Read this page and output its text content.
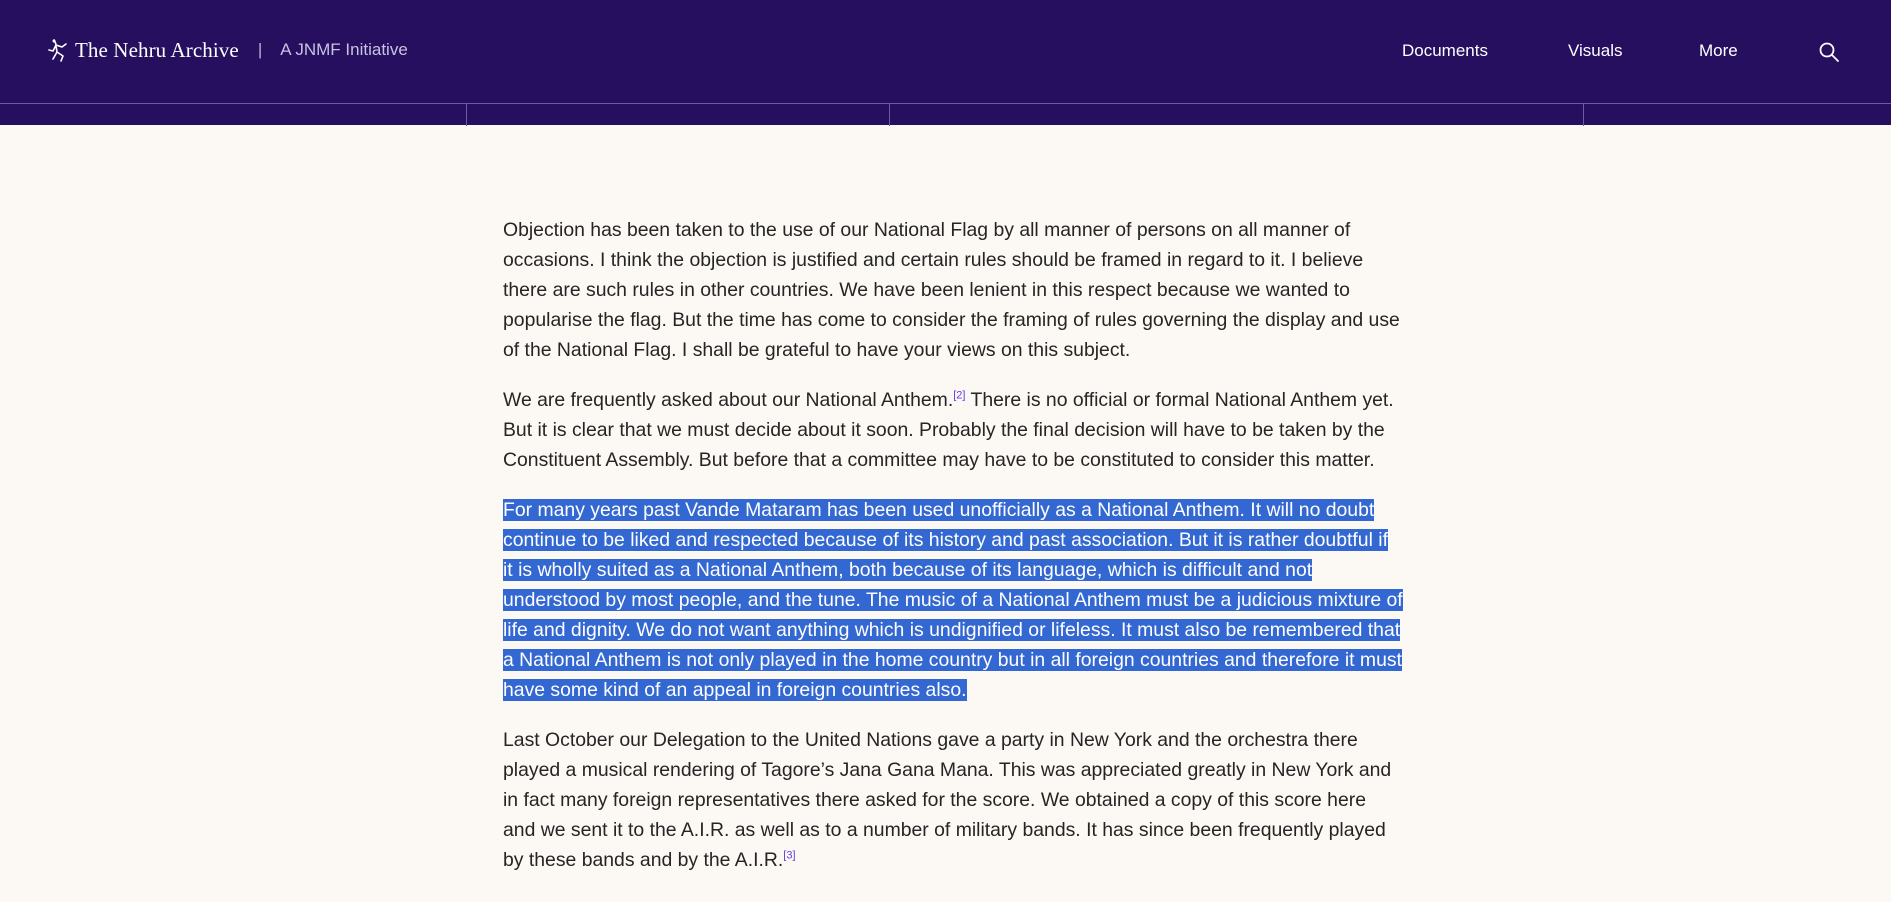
The Nehru Archive | A JNMF Initiative	Documents	Visuals	More

Objection has been taken to the use of our National Flag by all manner of persons on all manner of occasions. I think the objection is justified and certain rules should be framed in regard to it. I believe there are such rules in other countries. We have been lenient in this respect because we wanted to popularise the flag. But the time has come to consider the framing of rules governing the display and use of the National Flag. I shall be grateful to have your views on this subject.

We are frequently asked about our National Anthem.[2] There is no official or formal National Anthem yet. But it is clear that we must decide about it soon. Probably the final decision will have to be taken by the Constituent Assembly. But before that a committee may have to be constituted to consider this matter.

For many years past Vande Mataram has been used unofficially as a National Anthem. It will no doubt continue to be liked and respected because of its history and past association. But it is rather doubtful if it is wholly suited as a National Anthem, both because of its language, which is difficult and not understood by most people, and the tune. The music of a National Anthem must be a judicious mixture of life and dignity. We do not want anything which is undignified or lifeless. It must also be remembered that a National Anthem is not only played in the home country but in all foreign countries and therefore it must have some kind of an appeal in foreign countries also.

Last October our Delegation to the United Nations gave a party in New York and the orchestra there played a musical rendering of Tagore’s Jana Gana Mana. This was appreciated greatly in New York and in fact many foreign representatives there asked for the score. We obtained a copy of this score here and we sent it to the A.I.R. as well as to a number of military bands. It has since been frequently played by these bands and by the A.I.R.[3]
